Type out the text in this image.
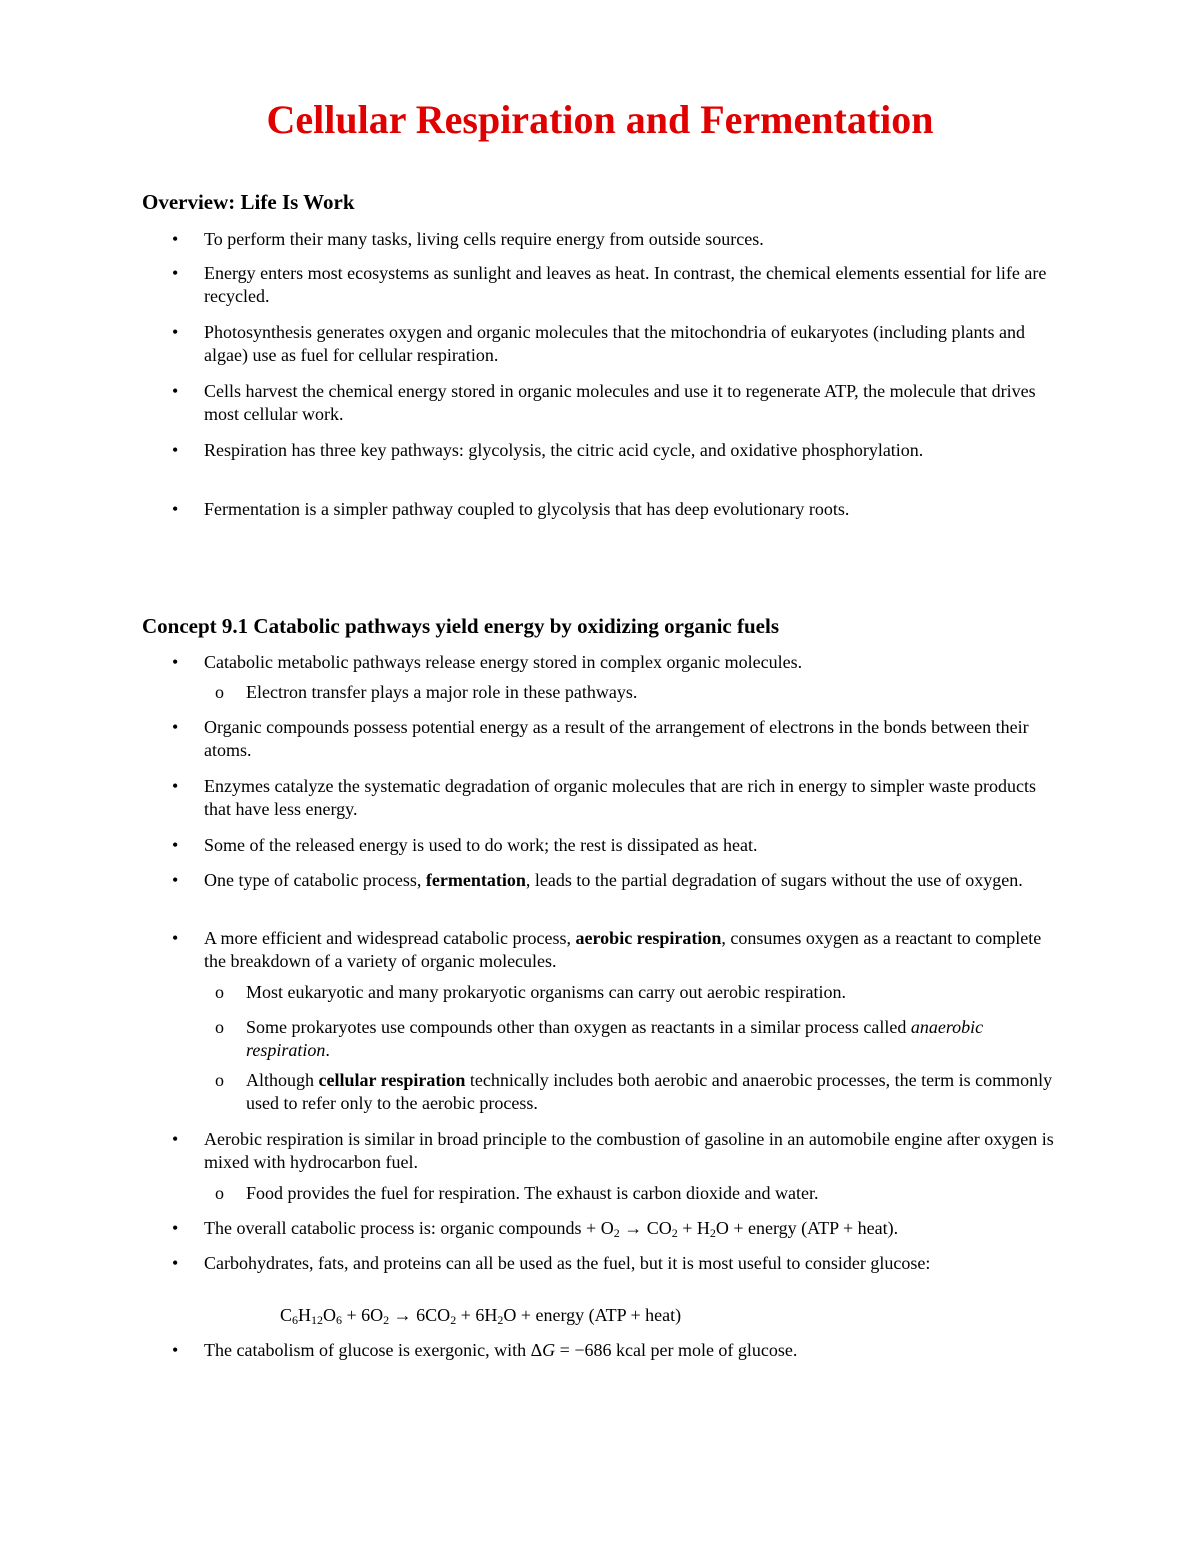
Cellular Respiration and Fermentation
Overview: Life Is Work
• To perform their many tasks, living cells require energy from outside sources.

• Energy enters most ecosystems as sunlight and leaves as heat. In contrast, the chemical elements essential for life are recycled.

• Photosynthesis generates oxygen and organic molecules that the mitochondria of eukaryotes (including plants and algae) use as fuel for cellular respiration.

• Cells harvest the chemical energy stored in organic molecules and use it to regenerate ATP, the molecule that drives most cellular work.

• Respiration has three key pathways: glycolysis, the citric acid cycle, and oxidative phosphorylation.

• Fermentation is a simpler pathway coupled to glycolysis that has deep evolutionary roots.

Concept 9.1 Catabolic pathways yield energy by oxidizing organic fuels
• Catabolic metabolic pathways release energy stored in complex organic molecules.

o Electron transfer plays a major role in these pathways.

• Organic compounds possess potential energy as a result of the arrangement of electrons in the bonds between their atoms.

• Enzymes catalyze the systematic degradation of organic molecules that are rich in energy to simpler waste products that have less energy.

• Some of the released energy is used to do work; the rest is dissipated as heat.

• One type of catabolic process, fermentation, leads to the partial degradation of sugars without the use of oxygen.

• A more efficient and widespread catabolic process, aerobic respiration, consumes oxygen as a reactant to complete the breakdown of a variety of organic molecules.

o Most eukaryotic and many prokaryotic organisms can carry out aerobic respiration.

o Some prokaryotes use compounds other than oxygen as reactants in a similar process called anaerobic respiration.

o Although cellular respiration technically includes both aerobic and anaerobic processes, the term is commonly used to refer only to the aerobic process.

• Aerobic respiration is similar in broad principle to the combustion of gasoline in an automobile engine after oxygen is mixed with hydrocarbon fuel.

o Food provides the fuel for respiration. The exhaust is carbon dioxide and water.

• The overall catabolic process is: organic compounds + $O_2 \to CO_2 + H_2O$ + energy (ATP + heat).

• Carbohydrates, fats, and proteins can all be used as the fuel, but it is most useful to consider glucose:

$C_6H_{12}O_6 + 6O_2 \to 6CO_2 + 6H_2O$ + energy (ATP + heat)
• The catabolism of glucose is exergonic, with ΔG = −686 kcal per mole of glucose.
